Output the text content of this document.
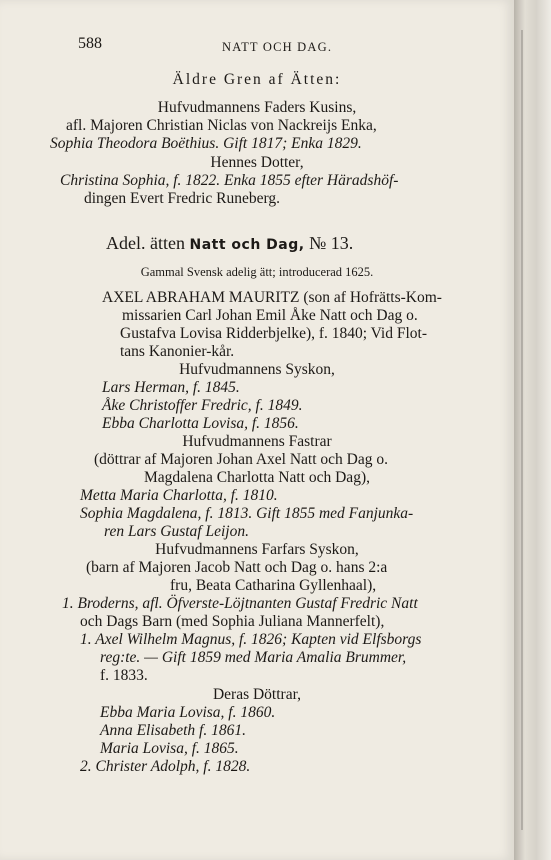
588	NATT OCH DAG.
Äldre Gren af Ätten:
Hufvudmannens Faders Kusins,
afl. Majoren Christian Niclas von Nackreijs Enka,
Sophia Theodora Boëthius. Gift 1817; Enka 1829.
Hennes Dotter,
Christina Sophia, f. 1822. Enka 1855 efter Häradshöf-
dingen Evert Fredric Runeberg.
Adel. ätten Natt och Dag, № 13.
Gammal Svensk adelig ätt; introducerad 1625.
AXEL ABRAHAM MAURITZ (son af Hofrätts-Kom-
missarien Carl Johan Emil Åke Natt och Dag o.
Gustafva Lovisa Ridderbjelke), f. 1840; Vid Flot-
tans Kanonier-kår.
Hufvudmannens Syskon,
Lars Herman, f. 1845.
Åke Christoffer Fredric, f. 1849.
Ebba Charlotta Lovisa, f. 1856.
Hufvudmannens Fastrar
(döttrar af Majoren Johan Axel Natt och Dag o.
Magdalena Charlotta Natt och Dag),
Metta Maria Charlotta, f. 1810.
Sophia Magdalena, f. 1813. Gift 1855 med Fanjunka-
ren Lars Gustaf Leijon.
Hufvudmannens Farfars Syskon,
(barn af Majoren Jacob Natt och Dag o. hans 2:a
fru, Beata Catharina Gyllenhaal),
1. Broderns, afl. Öfverste-Löjtnanten Gustaf Fredric Natt
och Dags Barn (med Sophia Juliana Mannerfelt),
1. Axel Wilhelm Magnus, f. 1826; Kapten vid Elfsborgs
reg:te. — Gift 1859 med Maria Amalia Brummer,
f. 1833.
Deras Döttrar,
Ebba Maria Lovisa, f. 1860.
Anna Elisabeth f. 1861.
Maria Lovisa, f. 1865.
2. Christer Adolph, f. 1828.
